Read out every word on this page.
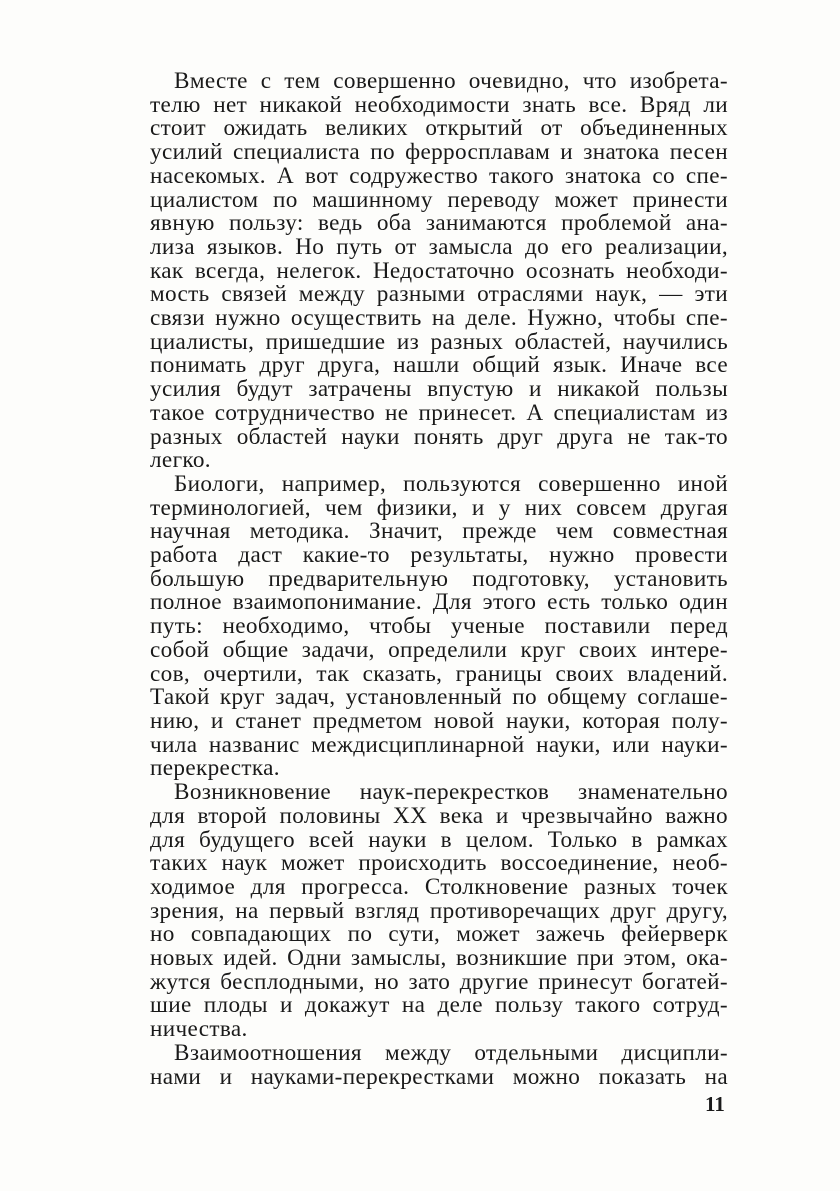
Вместе с тем совершенно очевидно, что изобрета-
телю нет никакой необходимости знать все. Вряд ли
стоит ожидать великих открытий от объединенных
усилий специалиста по ферросплавам и знатока песен
насекомых. А вот содружество такого знатока со спе-
циалистом по машинному переводу может принести
явную пользу: ведь оба занимаются проблемой ана-
лиза языков. Но путь от замысла до его реализации,
как всегда, нелегок. Недостаточно осознать необходи-
мость связей между разными отраслями наук, — эти
связи нужно осуществить на деле. Нужно, чтобы спе-
циалисты, пришедшие из разных областей, научились
понимать друг друга, нашли общий язык. Иначе все
усилия будут затрачены впустую и никакой пользы
такое сотрудничество не принесет. А специалистам из
разных областей науки понять друг друга не так-то
легко.
Биологи, например, пользуются совершенно иной
терминологией, чем физики, и у них совсем другая
научная методика. Значит, прежде чем совместная
работа даст какие-то результаты, нужно провести
большую предварительную подготовку, установить
полное взаимопонимание. Для этого есть только один
путь: необходимо, чтобы ученые поставили перед
собой общие задачи, определили круг своих интере-
сов, очертили, так сказать, границы своих владений.
Такой круг задач, установленный по общему соглаше-
нию, и станет предметом новой науки, которая полу-
чила названис междисциплинарной науки, или науки-
перекрестка.
Возникновение наук-перекрестков знаменательно
для второй половины XX века и чрезвычайно важно
для будущего всей науки в целом. Только в рамках
таких наук может происходить воссоединение, необ-
ходимое для прогресса. Столкновение разных точек
зрения, на первый взгляд противоречащих друг другу,
но совпадающих по сути, может зажечь фейерверк
новых идей. Одни замыслы, возникшие при этом, ока-
жутся бесплодными, но зато другие принесут богатей-
шие плоды и докажут на деле пользу такого сотруд-
ничества.
Взаимоотношения между отдельными дисципли-
нами и науками-перекрестками можно показать на
11
